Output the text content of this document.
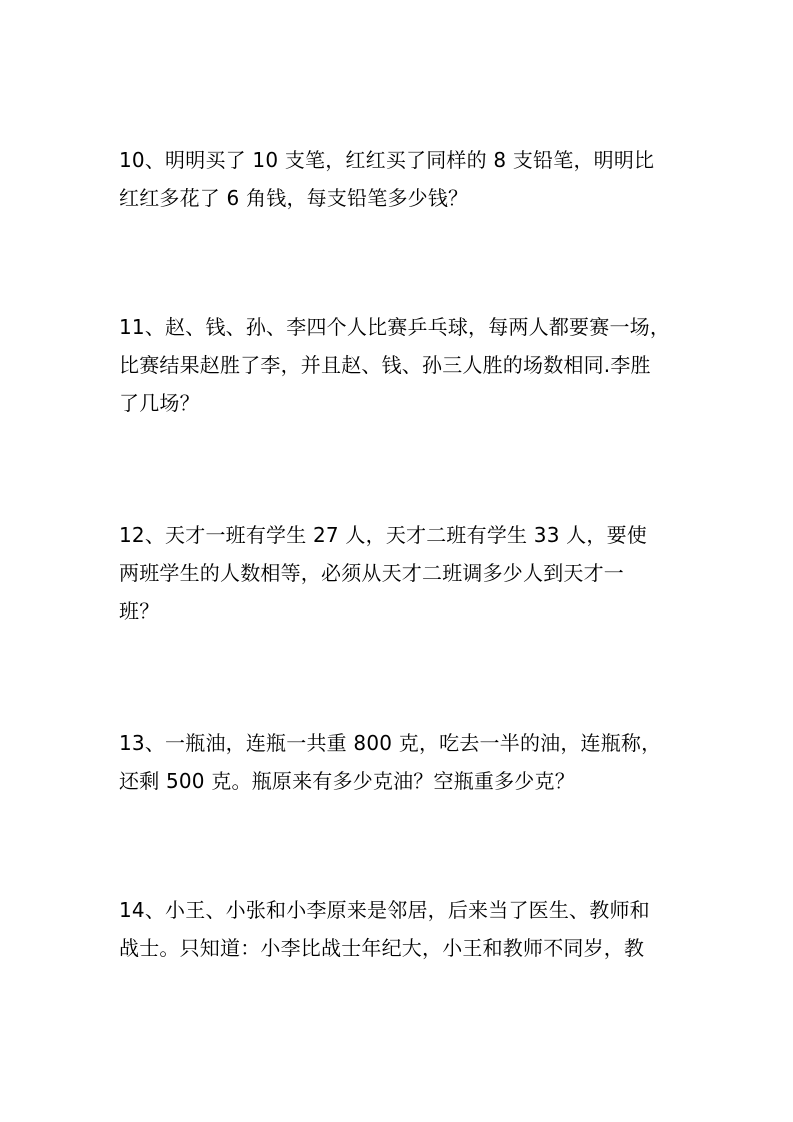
10、明明买了 10 支笔，红红买了同样的 8 支铅笔，明明比
红红多花了 6 角钱，每支铅笔多少钱？

11、赵、钱、孙、李四个人比赛乒乓球，每两人都要赛一场，
比赛结果赵胜了李，并且赵、钱、孙三人胜的场数相同.李胜
了几场？

12、天才一班有学生 27 人，天才二班有学生 33 人，要使
两班学生的人数相等，必须从天才二班调多少人到天才一
班？

13、一瓶油，连瓶一共重 800 克，吃去一半的油，连瓶称，
还剩 500 克。瓶原来有多少克油？空瓶重多少克？

14、小王、小张和小李原来是邻居，后来当了医生、教师和
战士。只知道：小李比战士年纪大，小王和教师不同岁，教
